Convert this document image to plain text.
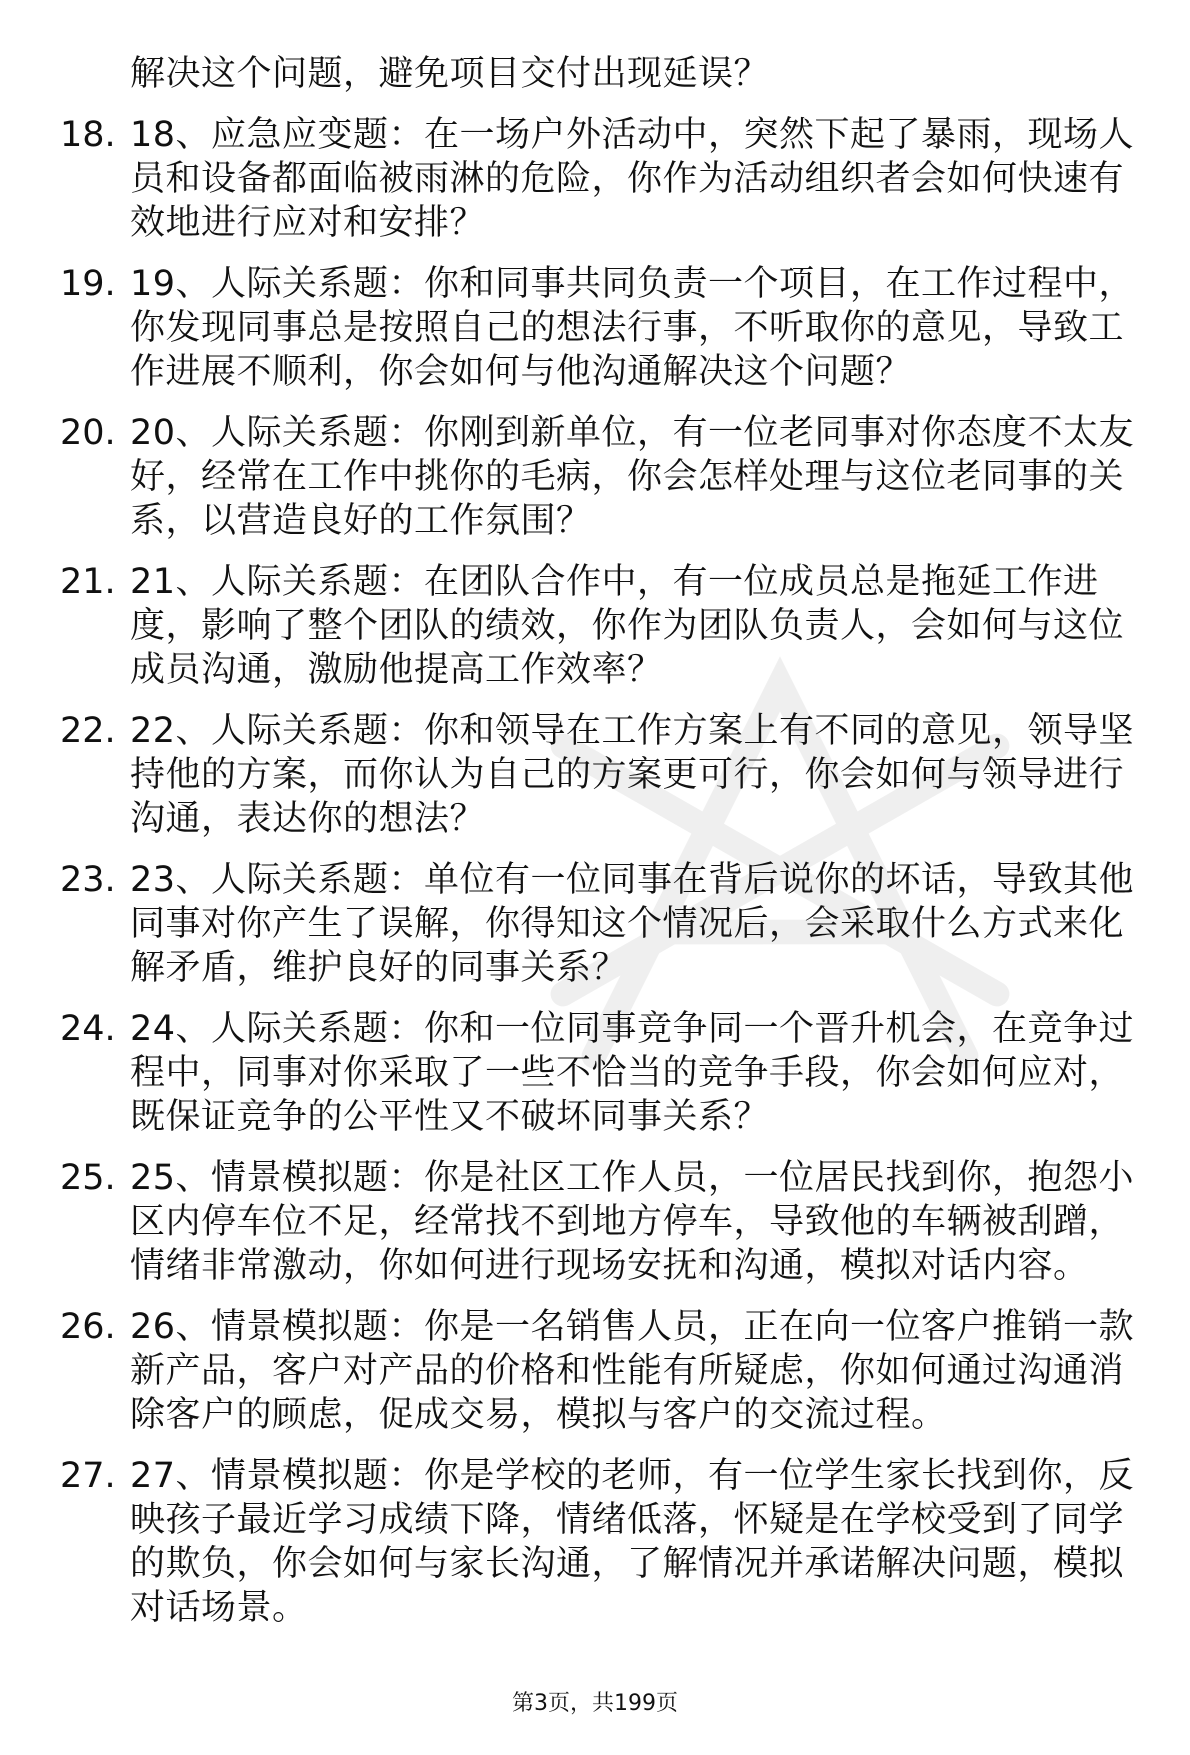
解决这个问题，避免项目交付出现延误？
18. 18、应急应变题：在一场户外活动中，突然下起了暴雨，现场人员和设备都面临被雨淋的危险，你作为活动组织者会如何快速有效地进行应对和安排？
19. 19、人际关系题：你和同事共同负责一个项目，在工作过程中，你发现同事总是按照自己的想法行事，不听取你的意见，导致工作进展不顺利，你会如何与他沟通解决这个问题？
20. 20、人际关系题：你刚到新单位，有一位老同事对你态度不太友好，经常在工作中挑你的毛病，你会怎样处理与这位老同事的关系，以营造良好的工作氛围？
21. 21、人际关系题：在团队合作中，有一位成员总是拖延工作进度，影响了整个团队的绩效，你作为团队负责人，会如何与这位成员沟通，激励他提高工作效率？
22. 22、人际关系题：你和领导在工作方案上有不同的意见，领导坚持他的方案，而你认为自己的方案更可行，你会如何与领导进行沟通，表达你的想法？
23. 23、人际关系题：单位有一位同事在背后说你的坏话，导致其他同事对你产生了误解，你得知这个情况后，会采取什么方式来化解矛盾，维护良好的同事关系？
24. 24、人际关系题：你和一位同事竞争同一个晋升机会，在竞争过程中，同事对你采取了一些不恰当的竞争手段，你会如何应对，既保证竞争的公平性又不破坏同事关系？
25. 25、情景模拟题：你是社区工作人员，一位居民找到你，抱怨小区内停车位不足，经常找不到地方停车，导致他的车辆被刮蹭，情绪非常激动，你如何进行现场安抚和沟通，模拟对话内容。
26. 26、情景模拟题：你是一名销售人员，正在向一位客户推销一款新产品，客户对产品的价格和性能有所疑虑，你如何通过沟通消除客户的顾虑，促成交易，模拟与客户的交流过程。
27. 27、情景模拟题：你是学校的老师，有一位学生家长找到你，反映孩子最近学习成绩下降，情绪低落，怀疑是在学校受到了同学的欺负，你会如何与家长沟通，了解情况并承诺解决问题，模拟对话场景。
第3页，共199页
